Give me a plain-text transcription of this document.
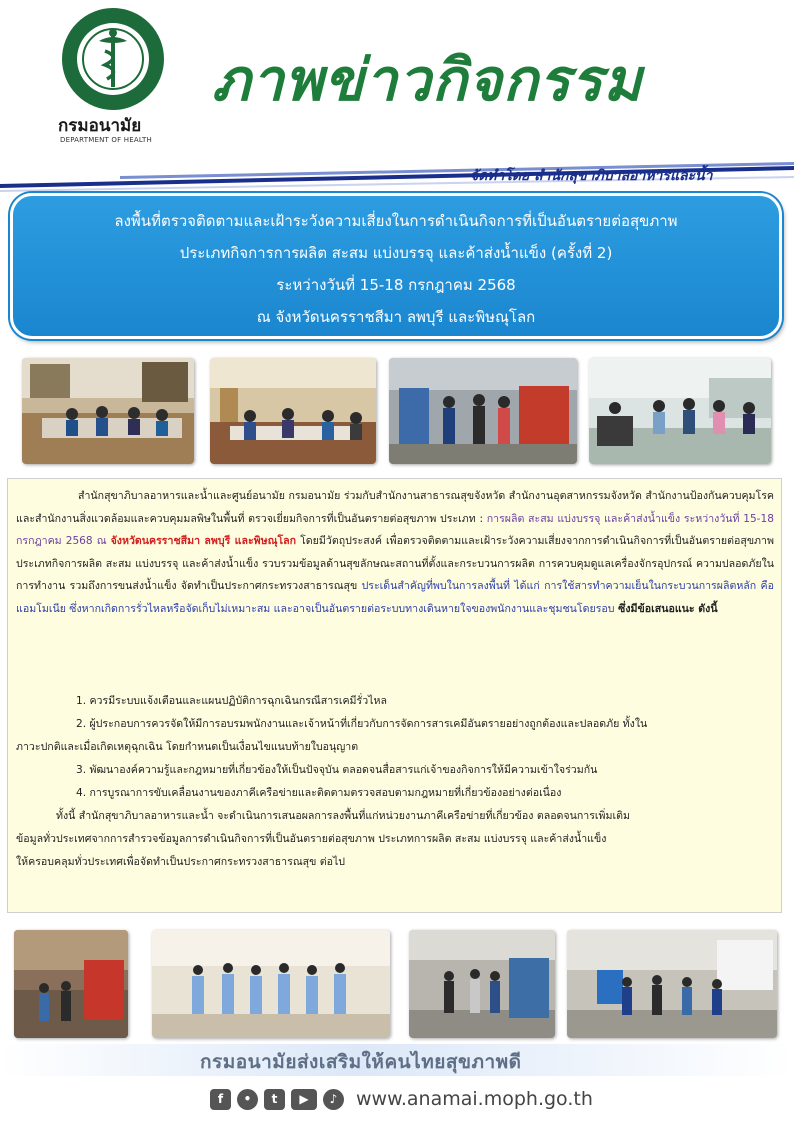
กรมอนามัย
DEPARTMENT OF HEALTH
ภาพข่าวกิจกรรม
จัดทำโดย สำนักสุขาภิบาลอาหารและน้ำ
ลงพื้นที่ตรวจติดตามและเฝ้าระวังความเสี่ยงในการดำเนินกิจการที่เป็นอันตรายต่อสุขภาพ
ประเภทกิจการการผลิต สะสม แบ่งบรรจุ และค้าส่งน้ำแข็ง (ครั้งที่ 2)
ระหว่างวันที่ 15-18 กรกฎาคม 2568
ณ จังหวัดนครราชสีมา ลพบุรี และพิษณุโลก

สำนักสุขาภิบาลอาหารและน้ำและศูนย์อนามัย กรมอนามัย ร่วมกับสำนักงานสาธารณสุขจังหวัด สำนักงานอุตสาหกรรมจังหวัด สำนักงานป้องกันควบคุมโรค และสำนักงานสิ่งแวดล้อมและควบคุมมลพิษในพื้นที่ ตรวจเยี่ยมกิจการที่เป็นอันตรายต่อสุขภาพ ประเภท : การผลิต สะสม แบ่งบรรจุ และค้าส่งน้ำแข็ง ระหว่างวันที่ 15-18 กรกฎาคม 2568 ณ จังหวัดนครราชสีมา ลพบุรี และพิษณุโลก โดยมีวัตถุประสงค์ เพื่อตรวจติดตามและเฝ้าระวังความเสี่ยงจากการดำเนินกิจการที่เป็นอันตรายต่อสุขภาพ ประเภทกิจการผลิต สะสม แบ่งบรรจุ และค้าส่งน้ำแข็ง รวบรวมข้อมูลด้านสุขลักษณะสถานที่ตั้งและกระบวนการผลิต การควบคุมดูแลเครื่องจักรอุปกรณ์ ความปลอดภัยในการทำงาน รวมถึงการขนส่งน้ำแข็ง จัดทำเป็นประกาศกระทรวงสาธารณสุข ประเด็นสำคัญที่พบในการลงพื้นที่ ได้แก่ การใช้สารทำความเย็นในกระบวนการผลิตหลัก คือ แอมโมเนีย ซึ่งหากเกิดการรั่วไหลหรือจัดเก็บไม่เหมาะสม และอาจเป็นอันตรายต่อระบบทางเดินหายใจของพนักงานและชุมชนโดยรอบ ซึ่งมีข้อเสนอแนะ ดังนี้

1. ควรมีระบบแจ้งเตือนและแผนปฏิบัติการฉุกเฉินกรณีสารเคมีรั่วไหล
2. ผู้ประกอบการควรจัดให้มีการอบรมพนักงานและเจ้าหน้าที่เกี่ยวกับการจัดการสารเคมีอันตรายอย่างถูกต้องและปลอดภัย ทั้งใน
ภาวะปกติและเมื่อเกิดเหตุฉุกเฉิน โดยกำหนดเป็นเงื่อนไขแนบท้ายใบอนุญาต
3. พัฒนาองค์ความรู้และกฎหมายที่เกี่ยวข้องให้เป็นปัจจุบัน ตลอดจนสื่อสารแก่เจ้าของกิจการให้มีความเข้าใจร่วมกัน
4. การบูรณาการขับเคลื่อนงานของภาคีเครือข่ายและติดตามตรวจสอบตามกฎหมายที่เกี่ยวข้องอย่างต่อเนื่อง
ทั้งนี้ สำนักสุขาภิบาลอาหารและน้ำ จะดำเนินการเสนอผลการลงพื้นที่แก่หน่วยงานภาคีเครือข่ายที่เกี่ยวข้อง ตลอดจนการเพิ่มเติม
ข้อมูลทั่วประเทศจากการสำรวจข้อมูลการดำเนินกิจการที่เป็นอันตรายต่อสุขภาพ ประเภทการผลิต สะสม แบ่งบรรจุ และค้าส่งน้ำแข็ง
ให้ครอบคลุมทั่วประเทศเพื่อจัดทำเป็นประกาศกระทรวงสาธารณสุข ต่อไป
กรมอนามัยส่งเสริมให้คนไทยสุขภาพดี
f	•	t	▶	♪ www.anamai.moph.go.th
